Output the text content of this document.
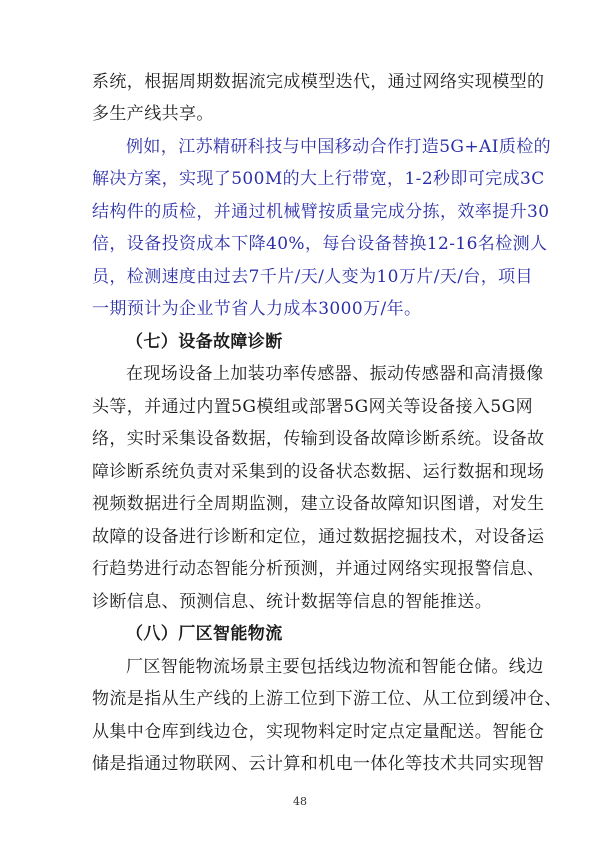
系统，根据周期数据流完成模型迭代，通过网络实现模型的
多生产线共享。
例如，江苏精研科技与中国移动合作打造5G+AI质检的
解决方案，实现了500M的大上行带宽，1-2秒即可完成3C
结构件的质检，并通过机械臂按质量完成分拣，效率提升30
倍，设备投资成本下降40%，每台设备替换12-16名检测人
员，检测速度由过去7千片/天/人变为10万片/天/台，项目
一期预计为企业节省人力成本3000万/年。
（七）设备故障诊断
在现场设备上加装功率传感器、振动传感器和高清摄像
头等，并通过内置5G模组或部署5G网关等设备接入5G网
络，实时采集设备数据，传输到设备故障诊断系统。设备故
障诊断系统负责对采集到的设备状态数据、运行数据和现场
视频数据进行全周期监测，建立设备故障知识图谱，对发生
故障的设备进行诊断和定位，通过数据挖掘技术，对设备运
行趋势进行动态智能分析预测，并通过网络实现报警信息、
诊断信息、预测信息、统计数据等信息的智能推送。
（八）厂区智能物流
厂区智能物流场景主要包括线边物流和智能仓储。线边
物流是指从生产线的上游工位到下游工位、从工位到缓冲仓、
从集中仓库到线边仓，实现物料定时定点定量配送。智能仓
储是指通过物联网、云计算和机电一体化等技术共同实现智
48
